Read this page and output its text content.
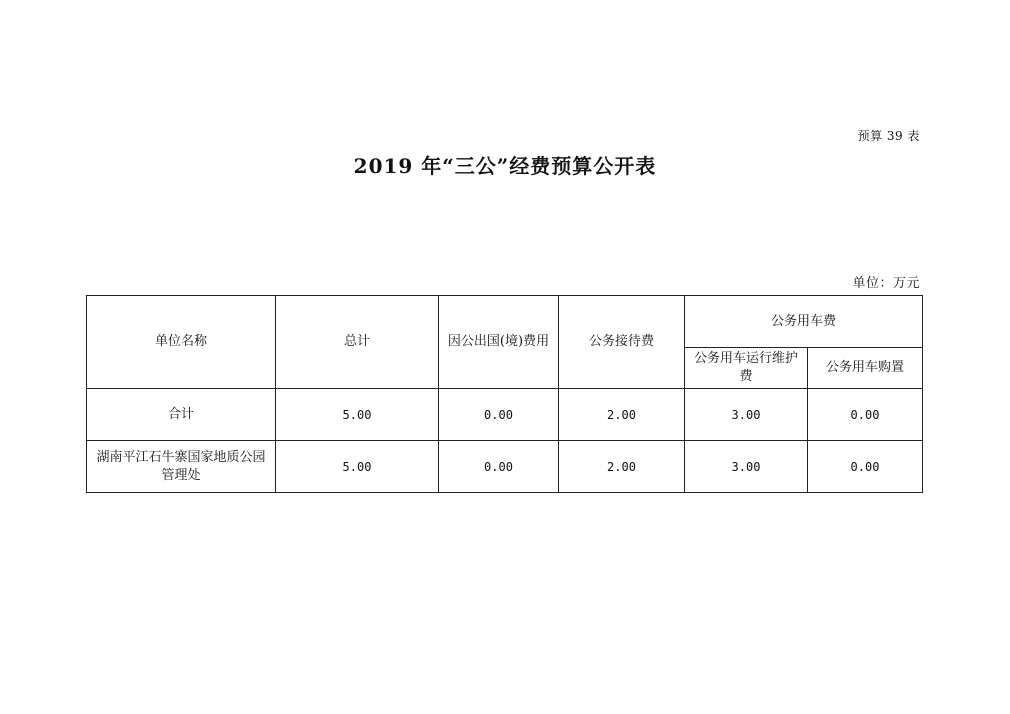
预算 39 表
2019 年“三公”经费预算公开表
单位：万元
单位名称	总计	因公出国(境)费用	公务接待费	公务用车费	
				公务用车运行维护费	公务用车购置
合计	5.00	0.00	2.00	3.00	0.00
湖南平江石牛寨国家地质公园管理处	5.00	0.00	2.00	3.00	0.00
